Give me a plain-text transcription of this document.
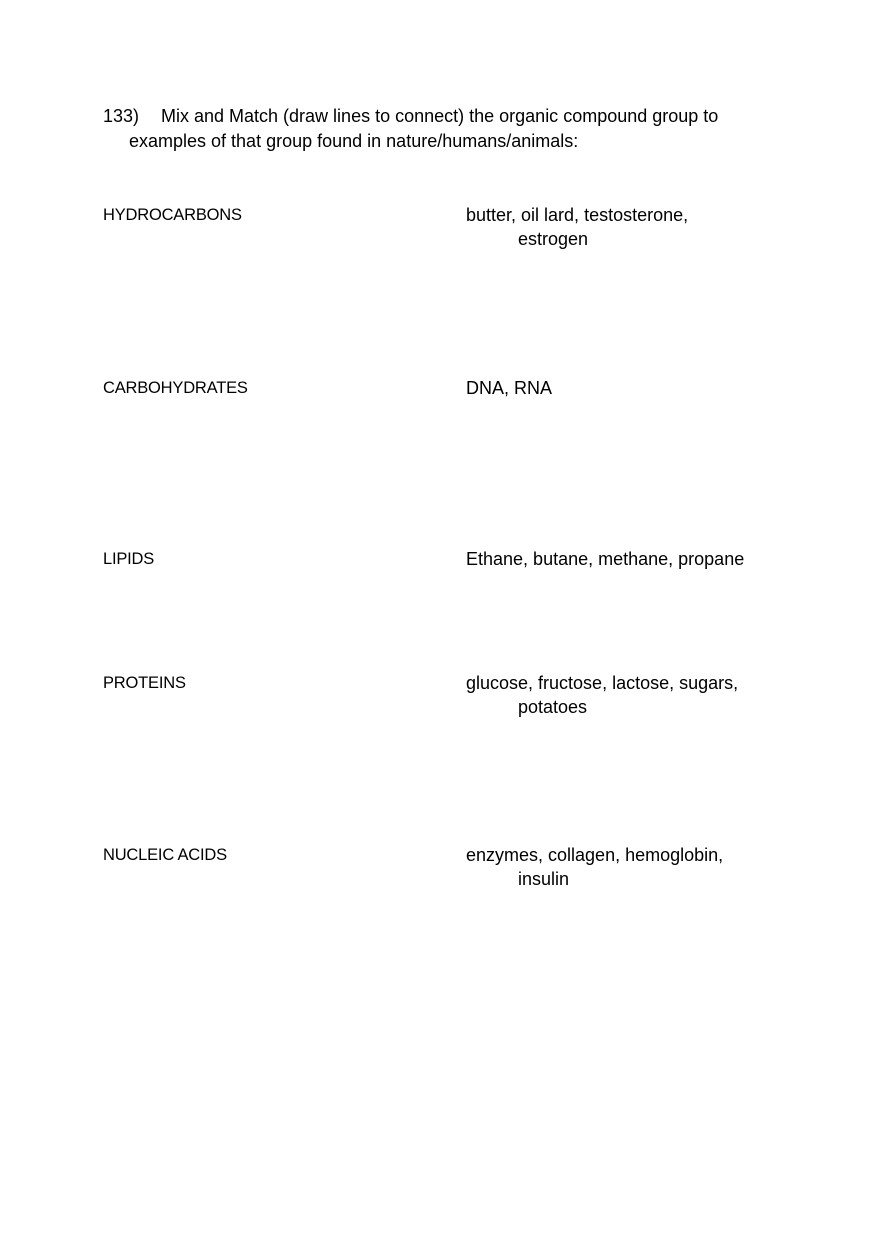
133) Mix and Match (draw lines to connect) the organic compound group to
examples of that group found in nature/humans/animals:
HYDROCARBONS
CARBOHYDRATES
LIPIDS
PROTEINS
NUCLEIC ACIDS
butter, oil lard, testosterone,
estrogen
DNA, RNA
Ethane, butane, methane, propane
glucose, fructose, lactose, sugars,
potatoes
enzymes, collagen, hemoglobin,
insulin
